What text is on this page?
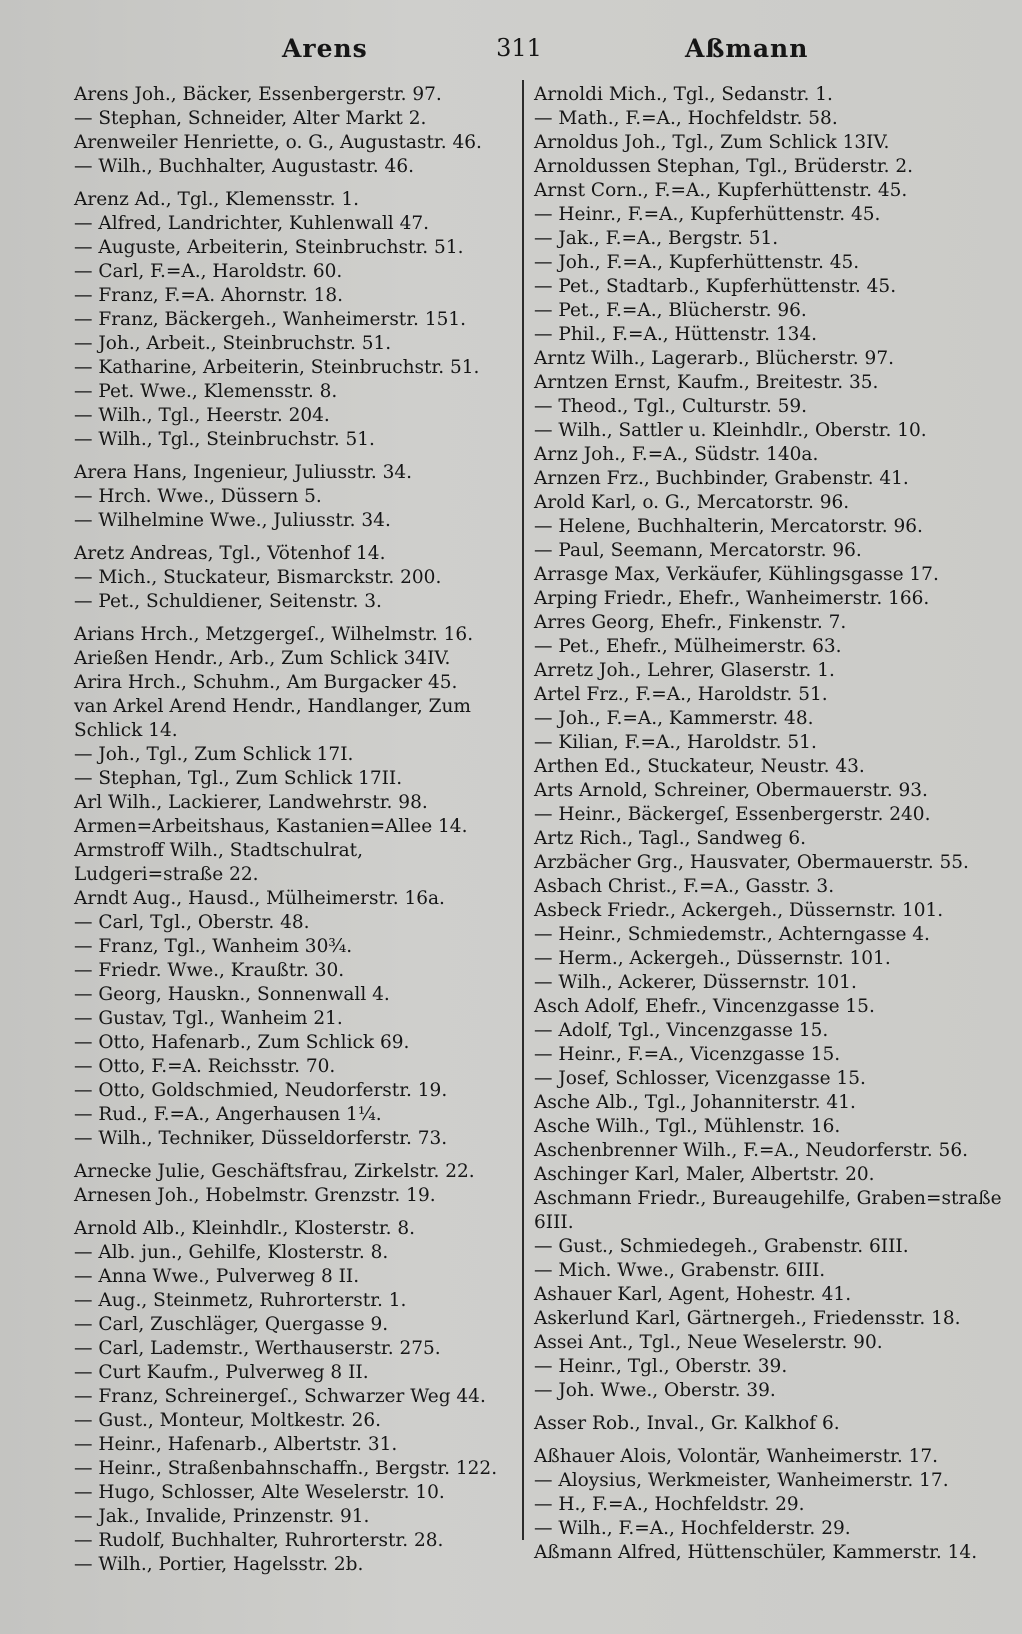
Arens	311	Aßmann
Arens Joh., Bäcker, Essenbergerstr. 97.
— Stephan, Schneider, Alter Markt 2.
Arenweiler Henriette, o. G., Augustastr. 46.
— Wilh., Buchhalter, Augustastr. 46.
Arenz Ad., Tgl., Klemensstr. 1.
— Alfred, Landrichter, Kuhlenwall 47.
— Auguste, Arbeiterin, Steinbruchstr. 51.
— Carl, F.=A., Haroldstr. 60.
— Franz, F.=A. Ahornstr. 18.
— Franz, Bäckergeh., Wanheimerstr. 151.
— Joh., Arbeit., Steinbruchstr. 51.
— Katharine, Arbeiterin, Steinbruchstr. 51.
— Pet. Wwe., Klemensstr. 8.
— Wilh., Tgl., Heerstr. 204.
— Wilh., Tgl., Steinbruchstr. 51.
Arera Hans, Ingenieur, Juliusstr. 34.
— Hrch. Wwe., Düssern 5.
— Wilhelmine Wwe., Juliusstr. 34.
Aretz Andreas, Tgl., Vötenhof 14.
— Mich., Stuckateur, Bismarckstr. 200.
— Pet., Schuldiener, Seitenstr. 3.
Arians Hrch., Metzgergeſ., Wilhelmstr. 16.
Arießen Hendr., Arb., Zum Schlick 34IV.
Arira Hrch., Schuhm., Am Burgacker 45.
van Arkel Arend Hendr., Handlanger, Zum Schlick 14.
— Joh., Tgl., Zum Schlick 17I.
— Stephan, Tgl., Zum Schlick 17II.
Arl Wilh., Lackierer, Landwehrstr. 98.
Armen=Arbeitshaus, Kastanien=Allee 14.
Armstroff Wilh., Stadtschulrat, Ludgeri=straße 22.
Arndt Aug., Hausd., Mülheimerstr. 16a.
— Carl, Tgl., Oberstr. 48.
— Franz, Tgl., Wanheim 30¾.
— Friedr. Wwe., Kraußtr. 30.
— Georg, Hauskn., Sonnenwall 4.
— Gustav, Tgl., Wanheim 21.
— Otto, Hafenarb., Zum Schlick 69.
— Otto, F.=A. Reichsstr. 70.
— Otto, Goldschmied, Neudorferstr. 19.
— Rud., F.=A., Angerhausen 1¼.
— Wilh., Techniker, Düsseldorferstr. 73.
Arnecke Julie, Geschäftsfrau, Zirkelstr. 22.
Arnesen Joh., Hobelmstr. Grenzstr. 19.
Arnold Alb., Kleinhdlr., Klosterstr. 8.
— Alb. jun., Gehilfe, Klosterstr. 8.
— Anna Wwe., Pulverweg 8 II.
— Aug., Steinmetz, Ruhrorterstr. 1.
— Carl, Zuschläger, Quergasse 9.
— Carl, Lademstr., Werthauserstr. 275.
— Curt Kaufm., Pulverweg 8 II.
— Franz, Schreinergeſ., Schwarzer Weg 44.
— Gust., Monteur, Moltkestr. 26.
— Heinr., Hafenarb., Albertstr. 31.
— Heinr., Straßenbahnschaffn., Bergstr. 122.
— Hugo, Schlosser, Alte Weselerstr. 10.
— Jak., Invalide, Prinzenstr. 91.
— Rudolf, Buchhalter, Ruhrorterstr. 28.
— Wilh., Portier, Hagelsstr. 2b.
Arnoldi Mich., Tgl., Sedanstr. 1.
— Math., F.=A., Hochfeldstr. 58.
Arnoldus Joh., Tgl., Zum Schlick 13IV.
Arnoldussen Stephan, Tgl., Brüderstr. 2.
Arnst Corn., F.=A., Kupferhüttenstr. 45.
— Heinr., F.=A., Kupferhüttenstr. 45.
— Jak., F.=A., Bergstr. 51.
— Joh., F.=A., Kupferhüttenstr. 45.
— Pet., Stadtarb., Kupferhüttenstr. 45.
— Pet., F.=A., Blücherstr. 96.
— Phil., F.=A., Hüttenstr. 134.
Arntz Wilh., Lagerarb., Blücherstr. 97.
Arntzen Ernst, Kaufm., Breitestr. 35.
— Theod., Tgl., Culturstr. 59.
— Wilh., Sattler u. Kleinhdlr., Oberstr. 10.
Arnz Joh., F.=A., Südstr. 140a.
Arnzen Frz., Buchbinder, Grabenstr. 41.
Arold Karl, o. G., Mercatorstr. 96.
— Helene, Buchhalterin, Mercatorstr. 96.
— Paul, Seemann, Mercatorstr. 96.
Arrasge Max, Verkäufer, Kühlingsgasse 17.
Arping Friedr., Ehefr., Wanheimerstr. 166.
Arres Georg, Ehefr., Finkenstr. 7.
— Pet., Ehefr., Mülheimerstr. 63.
Arretz Joh., Lehrer, Glaserstr. 1.
Artel Frz., F.=A., Haroldstr. 51.
— Joh., F.=A., Kammerstr. 48.
— Kilian, F.=A., Haroldstr. 51.
Arthen Ed., Stuckateur, Neustr. 43.
Arts Arnold, Schreiner, Obermauerstr. 93.
— Heinr., Bäckergeſ, Essenbergerstr. 240.
Artz Rich., Tagl., Sandweg 6.
Arzbächer Grg., Hausvater, Obermauerstr. 55.
Asbach Christ., F.=A., Gasstr. 3.
Asbeck Friedr., Ackergeh., Düssernstr. 101.
— Heinr., Schmiedemstr., Achterngasse 4.
— Herm., Ackergeh., Düssernstr. 101.
— Wilh., Ackerer, Düssernstr. 101.
Asch Adolf, Ehefr., Vincenzgasse 15.
— Adolf, Tgl., Vincenzgasse 15.
— Heinr., F.=A., Vicenzgasse 15.
— Josef, Schlosser, Vicenzgasse 15.
Asche Alb., Tgl., Johanniterstr. 41.
Asche Wilh., Tgl., Mühlenstr. 16.
Aschenbrenner Wilh., F.=A., Neudorferstr. 56.
Aschinger Karl, Maler, Albertstr. 20.
Aschmann Friedr., Bureaugehilfe, Graben=straße 6III.
— Gust., Schmiedegeh., Grabenstr. 6III.
— Mich. Wwe., Grabenstr. 6III.
Ashauer Karl, Agent, Hohestr. 41.
Askerlund Karl, Gärtnergeh., Friedensstr. 18.
Assei Ant., Tgl., Neue Weselerstr. 90.
— Heinr., Tgl., Oberstr. 39.
— Joh. Wwe., Oberstr. 39.
Asser Rob., Inval., Gr. Kalkhof 6.
Aßhauer Alois, Volontär, Wanheimerstr. 17.
— Aloysius, Werkmeister, Wanheimerstr. 17.
— H., F.=A., Hochfeldstr. 29.
— Wilh., F.=A., Hochfelderstr. 29.
Aßmann Alfred, Hüttenschüler, Kammerstr. 14.
